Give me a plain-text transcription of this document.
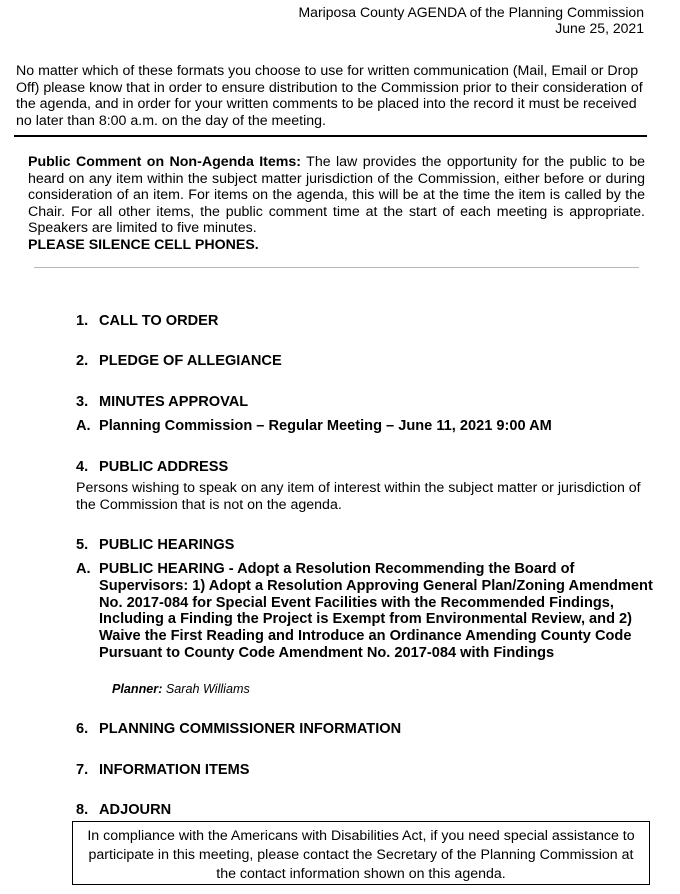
Mariposa County AGENDA of the Planning Commission
June 25, 2021
No matter which of these formats you choose to use for written communication (Mail, Email or Drop Off) please know that in order to ensure distribution to the Commission prior to their consideration of the agenda, and in order for your written comments to be placed into the record it must be received no later than 8:00 a.m. on the day of the meeting.
Public Comment on Non-Agenda Items: The law provides the opportunity for the public to be heard on any item within the subject matter jurisdiction of the Commission, either before or during consideration of an item. For items on the agenda, this will be at the time the item is called by the Chair. For all other items, the public comment time at the start of each meeting is appropriate. Speakers are limited to five minutes.
PLEASE SILENCE CELL PHONES.
1. CALL TO ORDER
2. PLEDGE OF ALLEGIANCE
3. MINUTES APPROVAL
A. Planning Commission – Regular Meeting – June 11, 2021 9:00 AM
4. PUBLIC ADDRESS
Persons wishing to speak on any item of interest within the subject matter or jurisdiction of the Commission that is not on the agenda.
5. PUBLIC HEARINGS
A. PUBLIC HEARING - Adopt a Resolution Recommending the Board of Supervisors: 1) Adopt a Resolution Approving General Plan/Zoning Amendment No. 2017-084 for Special Event Facilities with the Recommended Findings, Including a Finding the Project is Exempt from Environmental Review, and 2) Waive the First Reading and Introduce an Ordinance Amending County Code Pursuant to County Code Amendment No. 2017-084 with Findings
Planner: Sarah Williams
6. PLANNING COMMISSIONER INFORMATION
7. INFORMATION ITEMS
8. ADJOURN
In compliance with the Americans with Disabilities Act, if you need special assistance to participate in this meeting, please contact the Secretary of the Planning Commission at the contact information shown on this agenda.
